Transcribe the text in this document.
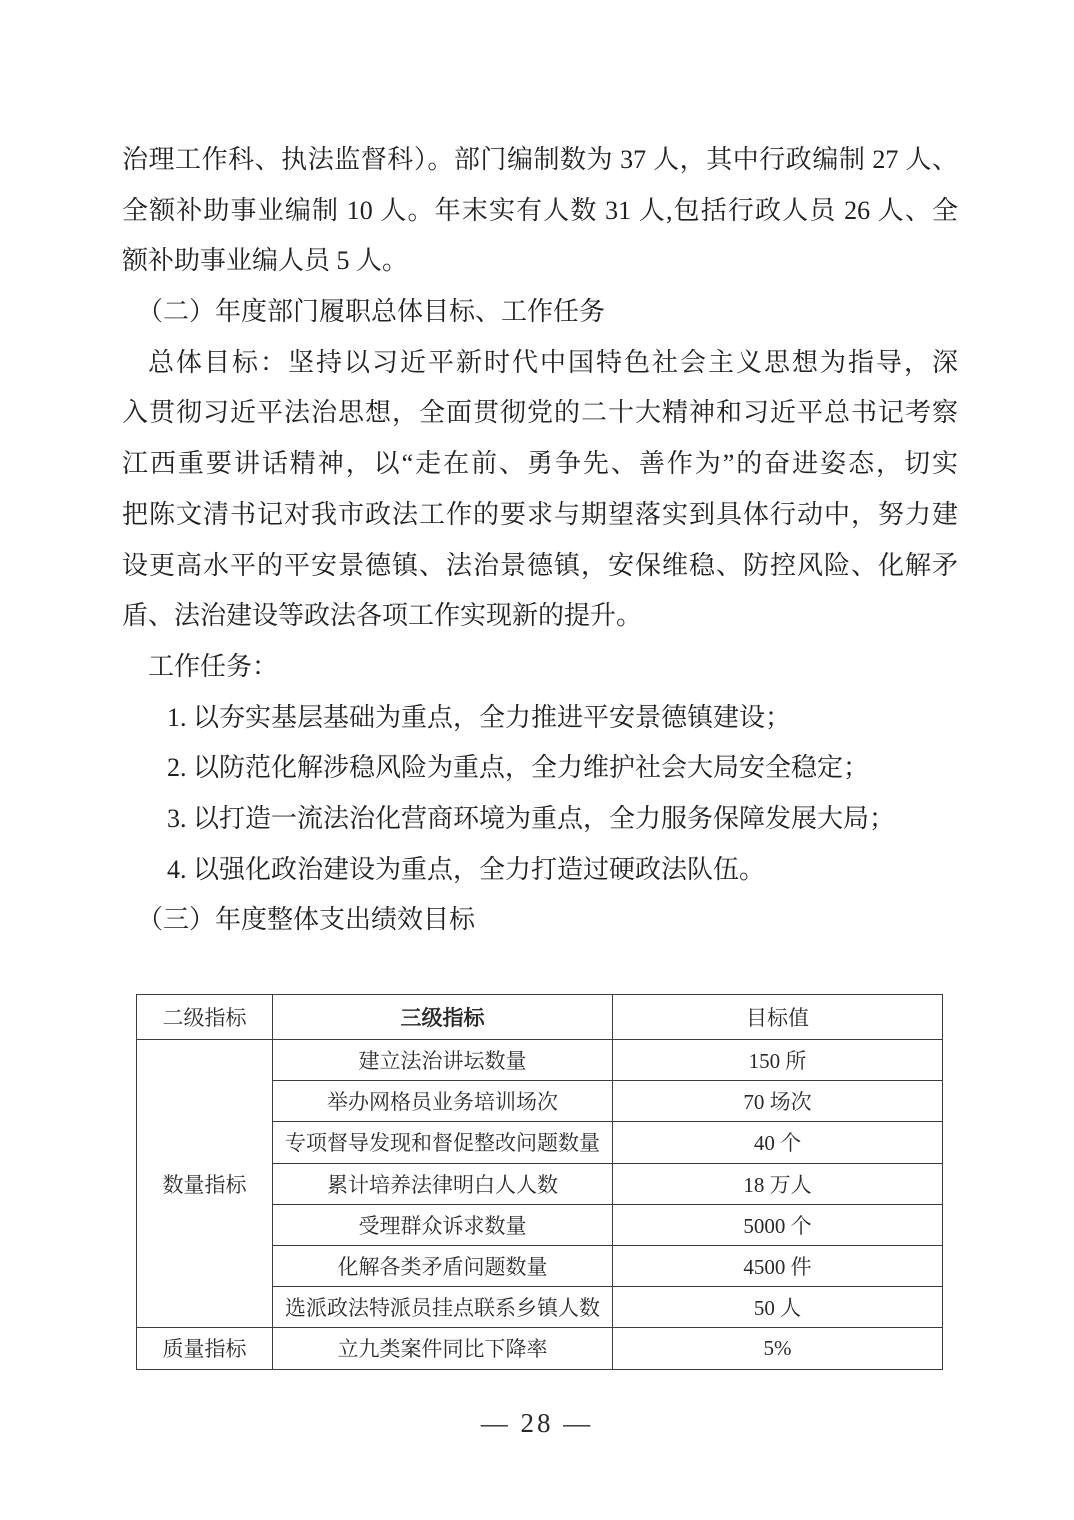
治理工作科、执法监督科）。部门编制数为 37 人，其中行政编制 27 人、
全额补助事业编制 10 人。年末实有人数 31 人,包括行政人员 26 人、全
额补助事业编人员 5 人。
（二）年度部门履职总体目标、工作任务
总体目标：坚持以习近平新时代中国特色社会主义思想为指导，深
入贯彻习近平法治思想，全面贯彻党的二十大精神和习近平总书记考察
江西重要讲话精神，以“走在前、勇争先、善作为”的奋进姿态，切实
把陈文清书记对我市政法工作的要求与期望落实到具体行动中，努力建
设更高水平的平安景德镇、法治景德镇，安保维稳、防控风险、化解矛
盾、法治建设等政法各项工作实现新的提升。
工作任务：
1. 以夯实基层基础为重点，全力推进平安景德镇建设；
2. 以防范化解涉稳风险为重点，全力维护社会大局安全稳定；
3. 以打造一流法治化营商环境为重点，全力服务保障发展大局；
4. 以强化政治建设为重点，全力打造过硬政法队伍。
（三）年度整体支出绩效目标
二级指标	三级指标	目标值
数量指标	建立法治讲坛数量	150 所
	举办网格员业务培训场次	70 场次
	专项督导发现和督促整改问题数量	40 个
	累计培养法律明白人人数	18 万人
	受理群众诉求数量	5000 个
	化解各类矛盾问题数量	4500 件
	选派政法特派员挂点联系乡镇人数	50 人
质量指标	立九类案件同比下降率	5%
— 28 —
